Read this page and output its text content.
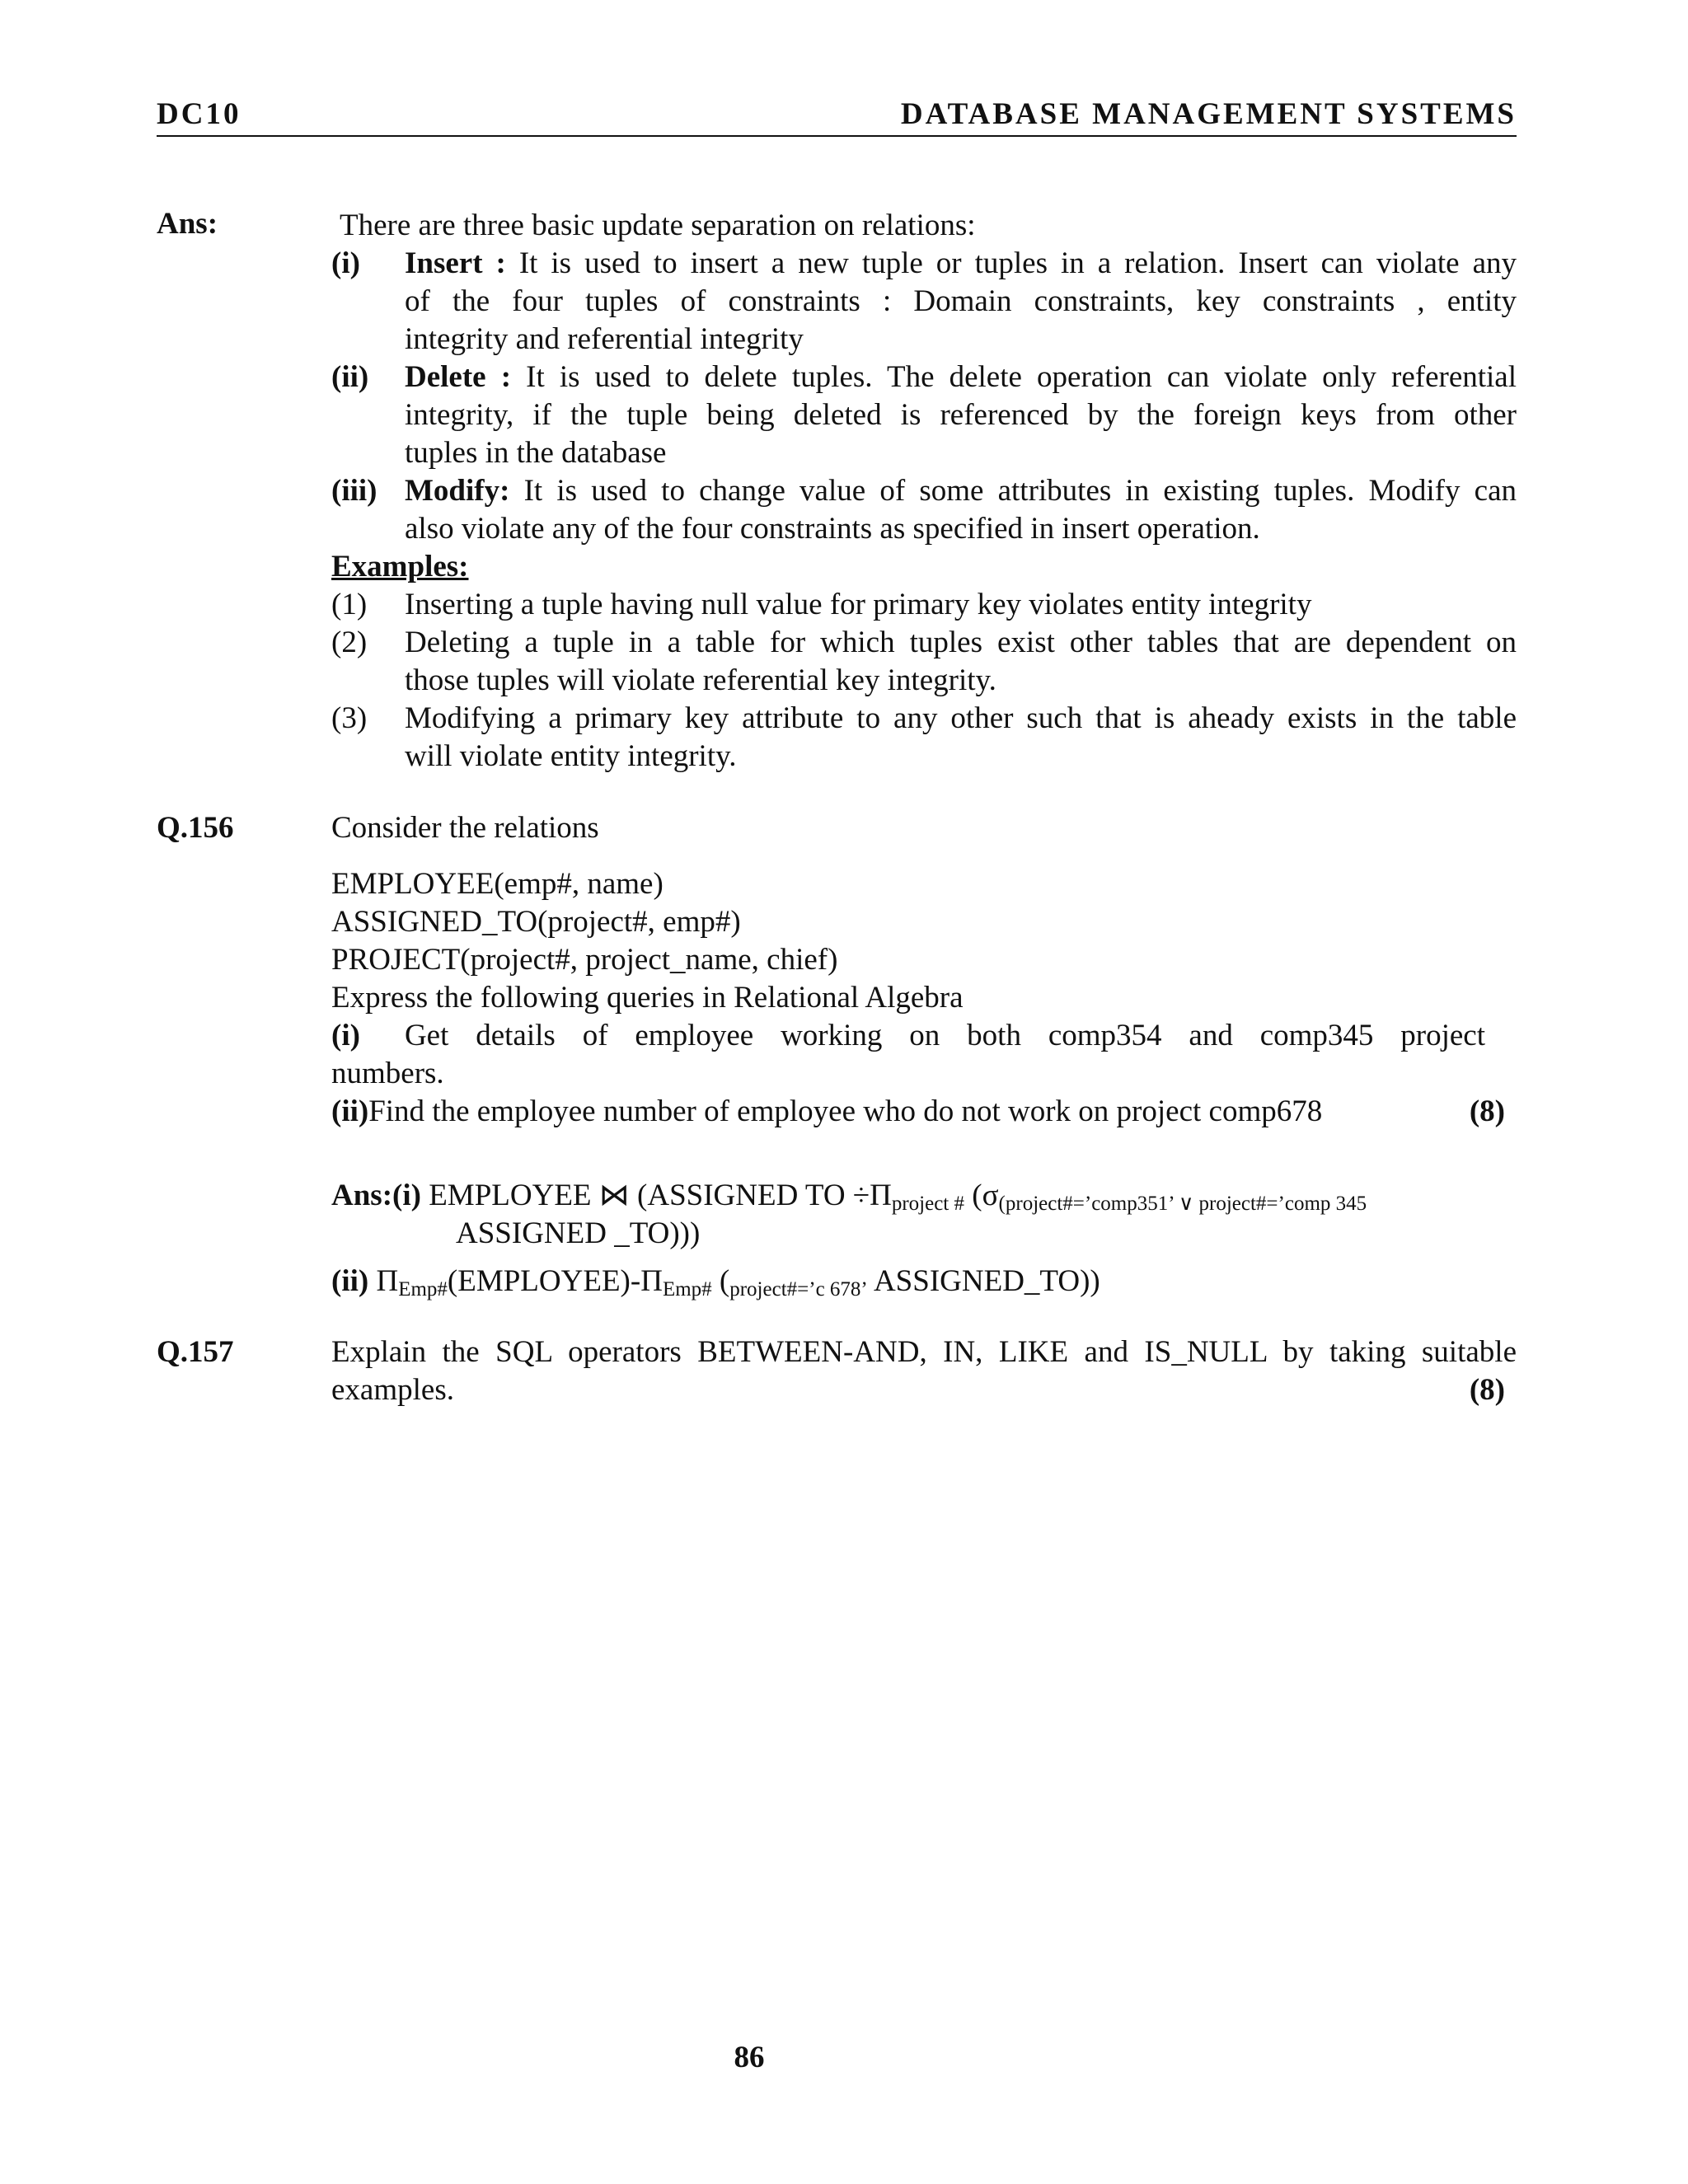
DC10	DATABASE MANAGEMENT SYSTEMS
Ans:	There are three basic update separation on relations:
(i) Insert : It is used to insert a new tuple or tuples in a relation. Insert can violate any
of the four tuples of constraints : Domain constraints, key constraints , entity
integrity and referential integrity
(ii) Delete : It is used to delete tuples. The delete operation can violate only referential
integrity, if the tuple being deleted is referenced by the foreign keys from other
tuples in the database
(iii) Modify: It is used to change value of some attributes in existing tuples. Modify can
also violate any of the four constraints as specified in insert operation.
Examples:
(1) Inserting a tuple having null value for primary key violates entity integrity
(2) Deleting a tuple in a table for which tuples exist other tables that are dependent on
those tuples will violate referential key integrity.
(3) Modifying a primary key attribute to any other such that is aheady exists in the table
will violate entity integrity.
Q.156	Consider the relations
EMPLOYEE(emp#, name)
ASSIGNED_TO(project#, emp#)
PROJECT(project#, project_name, chief)
Express the following queries in Relational Algebra
(i) Get details of employee working on both comp354 and comp345 project
numbers.
(ii)Find the employee number of employee who do not work on project comp678	(8)
Ans:(i) EMPLOYEE ⋈ (ASSIGNED TO $\div\Pi_{project \#}$ ($\sigma_{(project\#=’comp351’ \vee project\#=’comp 345}$
ASSIGNED _TO)))
(ii) $\Pi_{Emp\#}(EMPLOYEE)-\Pi_{Emp\#}$ ($_{project\#=’c 678’}$ ASSIGNED_TO))
Q.157	Explain the SQL operators BETWEEN-AND, IN, LIKE and IS_NULL by taking suitable
examples.	(8)
86
